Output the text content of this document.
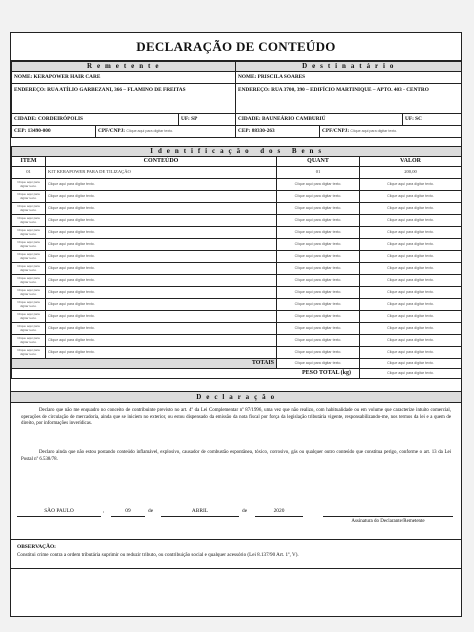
DECLARAÇÃO DE CONTEÚDO
R e m e t e n t e			D e s t i n a t á r i o		
NOME: KERAPOWER HAIR CARE			NOME: PRISCILA SOARES		
ENDEREÇO: RUA ATÍLIO GARBEZANI, 366 – FLAMINO DE FREITAS			ENDEREÇO: RUA 3700, 390 – EDIFÍCIO MARTINIQUE – APTO. 403 - CENTRO		
CIDADE: CORDEIRÓPOLIS		UF: SP	CIDADE: BAUNEÁRIO CAMBURIÚ		UF: SC
CEP: 13490-000	CPF/CNPJ: Clique aqui para digitar texto.		CEP: 88330-263	CPF/CNPJ: Clique aqui para digitar texto.	
I d e n t i f i c a ç ã o   d o s   B e n s			
ITEM	CONTEÚDO	QUANT	VALOR
01	KIT KERAPOWER PARA DE TILIZAÇÃO	01	200,00
Clique aqui para digitar texto.	Clique aqui para digitar texto.	Clique aqui para digitar texto.	Clique aqui para digitar texto.
Clique aqui para digitar texto.	Clique aqui para digitar texto.	Clique aqui para digitar texto.	Clique aqui para digitar texto.
Clique aqui para digitar texto.	Clique aqui para digitar texto.	Clique aqui para digitar texto.	Clique aqui para digitar texto.
Clique aqui para digitar texto.	Clique aqui para digitar texto.	Clique aqui para digitar texto.	Clique aqui para digitar texto.
Clique aqui para digitar texto.	Clique aqui para digitar texto.	Clique aqui para digitar texto.	Clique aqui para digitar texto.
Clique aqui para digitar texto.	Clique aqui para digitar texto.	Clique aqui para digitar texto.	Clique aqui para digitar texto.
Clique aqui para digitar texto.	Clique aqui para digitar texto.	Clique aqui para digitar texto.	Clique aqui para digitar texto.
Clique aqui para digitar texto.	Clique aqui para digitar texto.	Clique aqui para digitar texto.	Clique aqui para digitar texto.
Clique aqui para digitar texto.	Clique aqui para digitar texto.	Clique aqui para digitar texto.	Clique aqui para digitar texto.
Clique aqui para digitar texto.	Clique aqui para digitar texto.	Clique aqui para digitar texto.	Clique aqui para digitar texto.
Clique aqui para digitar texto.	Clique aqui para digitar texto.	Clique aqui para digitar texto.	Clique aqui para digitar texto.
Clique aqui para digitar texto.	Clique aqui para digitar texto.	Clique aqui para digitar texto.	Clique aqui para digitar texto.
Clique aqui para digitar texto.	Clique aqui para digitar texto.	Clique aqui para digitar texto.	Clique aqui para digitar texto.
Clique aqui para digitar texto.	Clique aqui para digitar texto.	Clique aqui para digitar texto.	Clique aqui para digitar texto.
Clique aqui para digitar texto.	Clique aqui para digitar texto.	Clique aqui para digitar texto.	Clique aqui para digitar texto.
TOTAIS		Clique aqui para digitar texto.	Clique aqui para digitar texto.
PESO TOTAL (kg)			Clique aqui para digitar texto.
D e c l a r a ç ã o
Declaro que não me enquadro no conceito de contribuinte previsto no art. 4º da Lei Complementar nº 87/1996, uma vez que não realizo, com habitualidade ou em volume que caracterize intuito comercial, operações de circulação de mercadoria, ainda que se iniciem no exterior, ou estou dispensado da emissão da nota fiscal por força da legislação tributária vigente, responsabilizando-me, nos termos da lei e a quem de direito, por informações inverídicas.
Declaro ainda que não estou postando conteúdo inflamável, explosivo, causador de combustão espontânea, tóxico, corrosivo, gás ou qualquer outro conteúdo que constitua perigo, conforme o art. 13 da Lei Postal nº 6.538/78.
SÃO PAULO	,	09	de	ABRIL	de	2020
Assinatura do Declarante/Remetente
OBSERVAÇÃO:
Constitui crime contra a ordem tributária suprimir ou reduzir tributo, ou contribuição social e qualquer acessório (Lei 8.137/90 Art. 1º, V).
